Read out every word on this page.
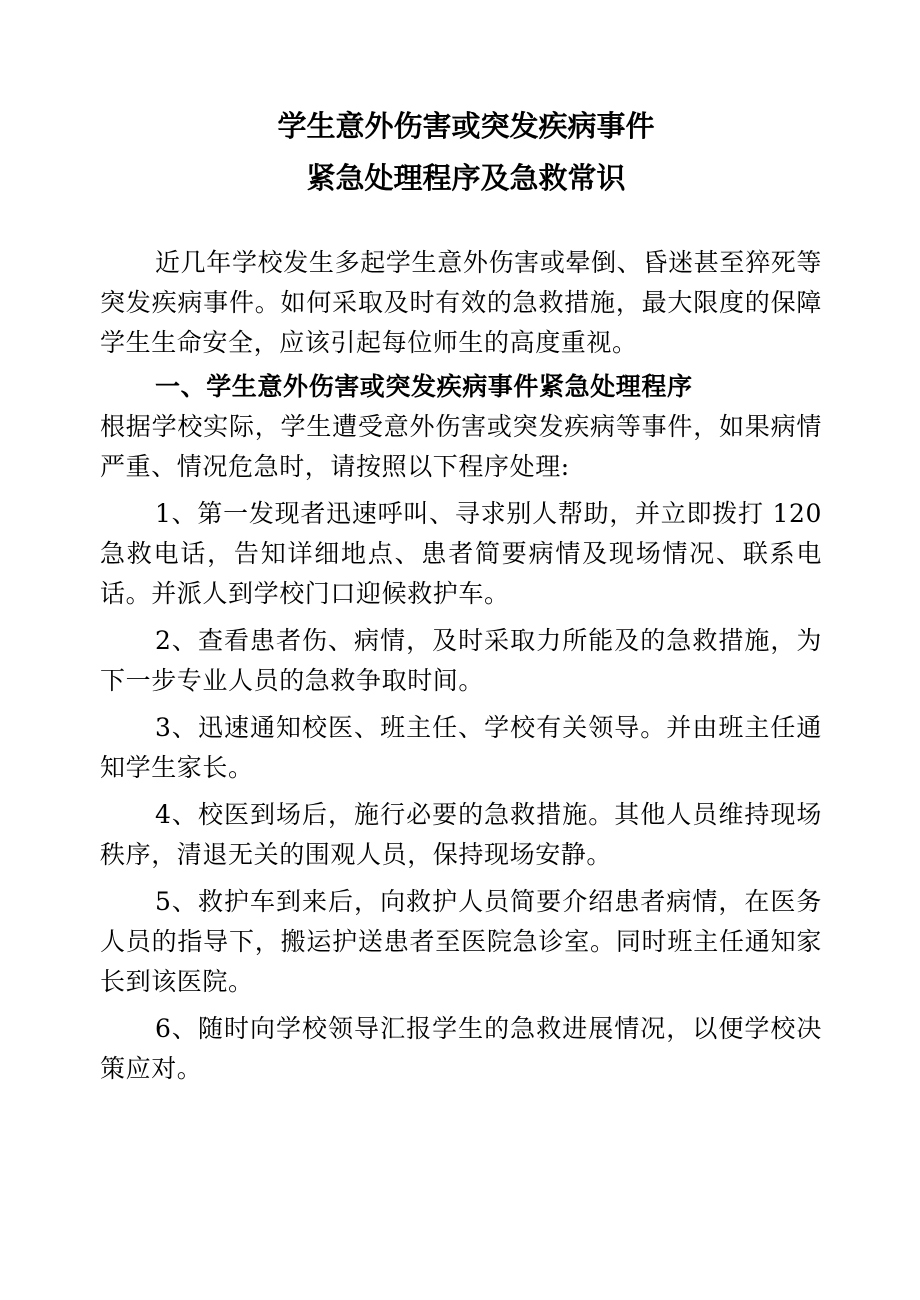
学生意外伤害或突发疾病事件
紧急处理程序及急救常识

近几年学校发生多起学生意外伤害或晕倒、昏迷甚至猝死等突发疾病事件。如何采取及时有效的急救措施，最大限度的保障学生生命安全，应该引起每位师生的高度重视。

一、学生意外伤害或突发疾病事件紧急处理程序

根据学校实际，学生遭受意外伤害或突发疾病等事件，如果病情严重、情况危急时，请按照以下程序处理:

1、第一发现者迅速呼叫、寻求别人帮助，并立即拨打 120 急救电话，告知详细地点、患者简要病情及现场情况、联系电话。并派人到学校门口迎候救护车。

2、查看患者伤、病情，及时采取力所能及的急救措施，为下一步专业人员的急救争取时间。

3、迅速通知校医、班主任、学校有关领导。并由班主任通知学生家长。

4、校医到场后，施行必要的急救措施。其他人员维持现场秩序，清退无关的围观人员，保持现场安静。

5、救护车到来后，向救护人员简要介绍患者病情，在医务人员的指导下，搬运护送患者至医院急诊室。同时班主任通知家长到该医院。

6、随时向学校领导汇报学生的急救进展情况，以便学校决策应对。
